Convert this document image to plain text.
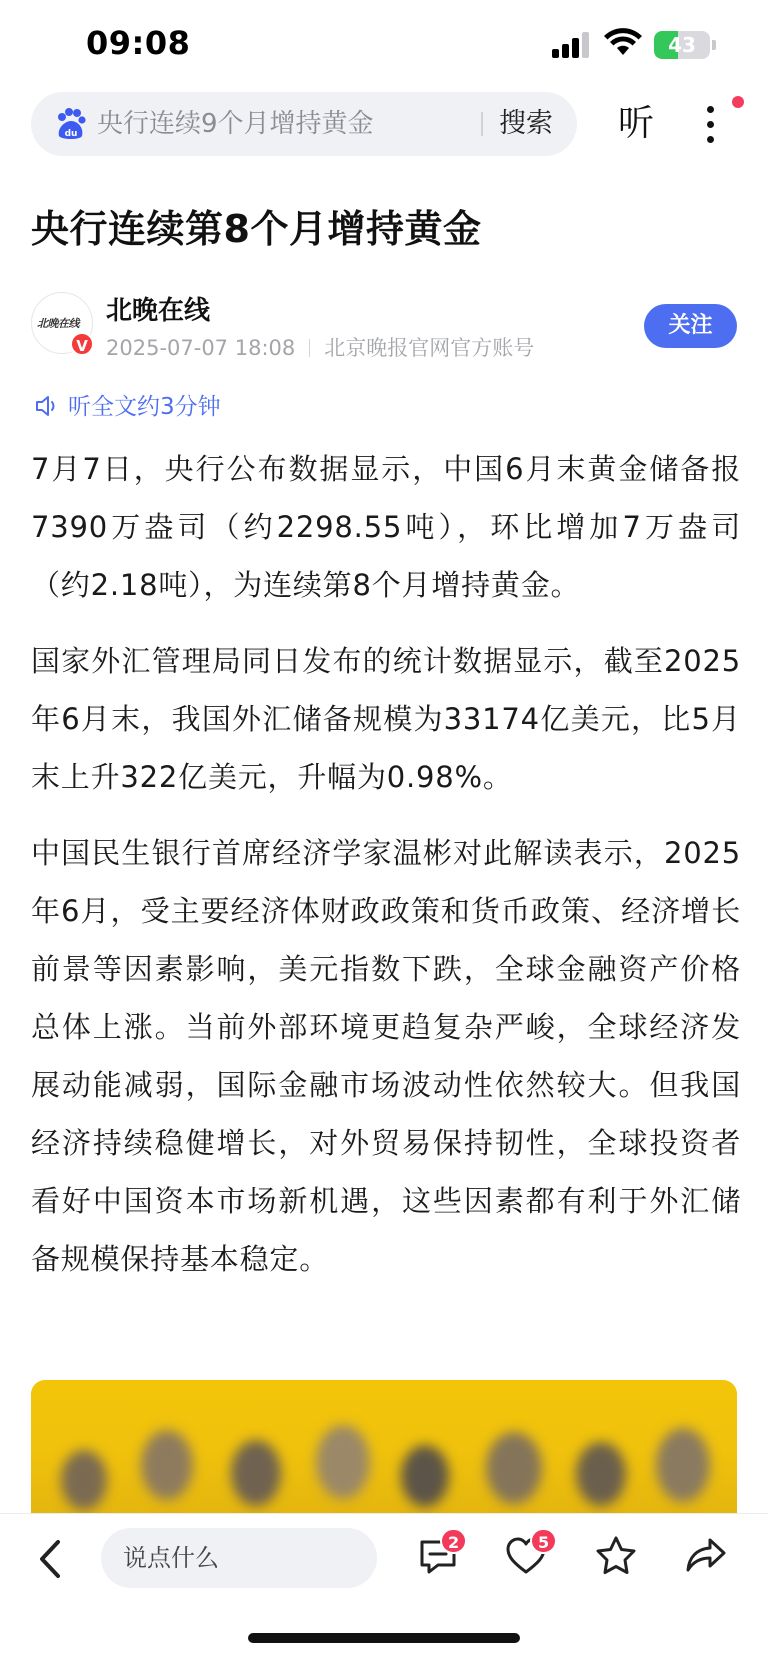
09:08	43
du 央行连续9个月增持黄金	搜索 听
央行连续第8个月增持黄金
北晚在线
V
北晚在线
2025-07-07 18:08 北京晚报官网官方账号
关注
听全文约3分钟

7月7日，央行公布数据显示，中国6月末黄金储备报7390万盎司（约2298.55吨），环比增加7万盎司（约2.18吨），为连续第8个月增持黄金。

国家外汇管理局同日发布的统计数据显示，截至2025年6月末，我国外汇储备规模为33174亿美元，比5月末上升322亿美元，升幅为0.98%。

中国民生银行首席经济学家温彬对此解读表示，2025年6月，受主要经济体财政政策和货币政策、经济增长前景等因素影响，美元指数下跌，全球金融资产价格总体上涨。当前外部环境更趋复杂严峻，全球经济发展动能减弱，国际金融市场波动性依然较大。但我国经济持续稳健增长，对外贸易保持韧性，全球投资者看好中国资本市场新机遇，这些因素都有利于外汇储备规模保持基本稳定。

说点什么
2	5
